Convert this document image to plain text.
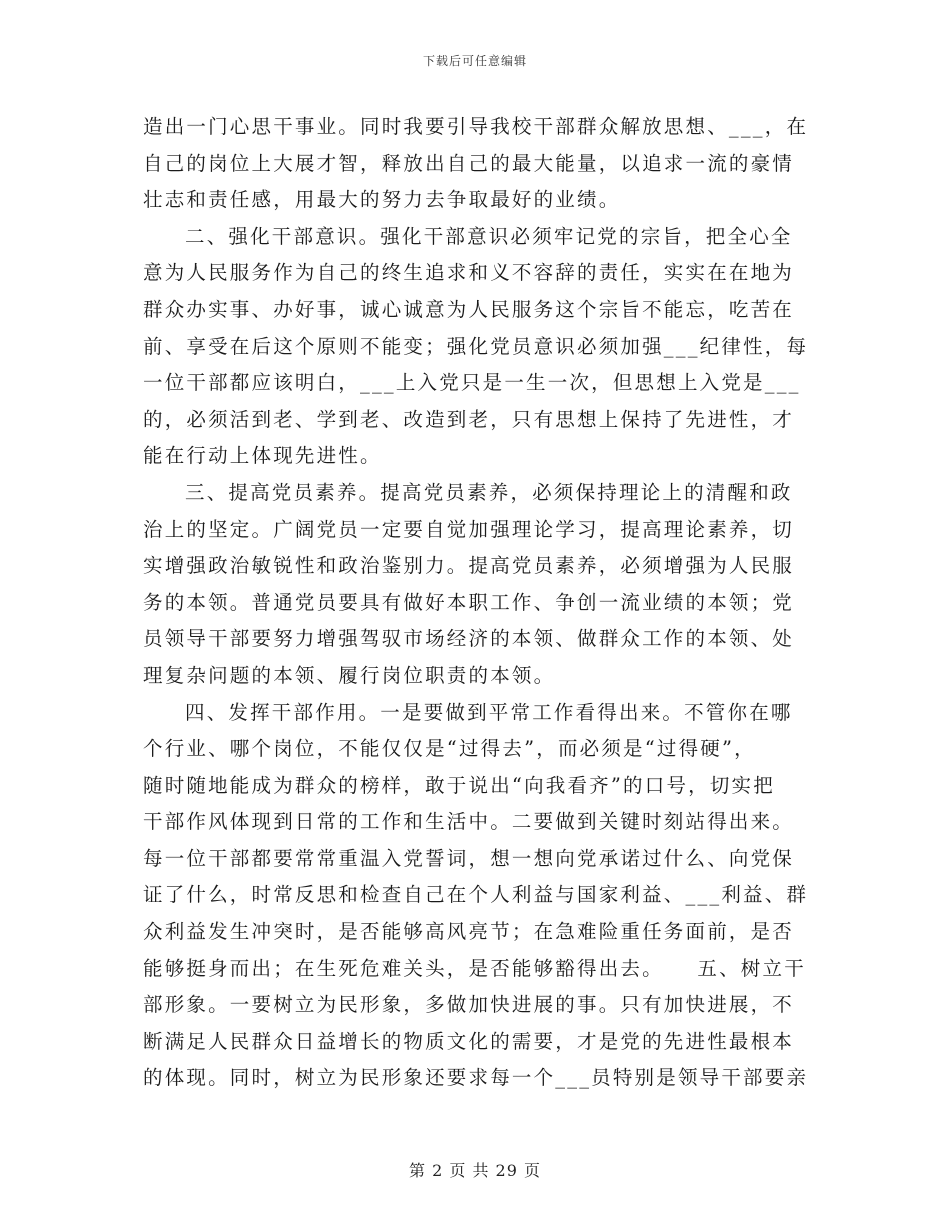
下载后可任意编辑
造出一门心思干事业。同时我要引导我校干部群众解放思想、___，在
自己的岗位上大展才智，释放出自己的最大能量，以追求一流的豪情
壮志和责任感，用最大的努力去争取最好的业绩。
二、强化干部意识。强化干部意识必须牢记党的宗旨，把全心全
意为人民服务作为自己的终生追求和义不容辞的责任，实实在在地为
群众办实事、办好事，诚心诚意为人民服务这个宗旨不能忘，吃苦在
前、享受在后这个原则不能变；强化党员意识必须加强___纪律性，每
一位干部都应该明白，___上入党只是一生一次，但思想上入党是___
的，必须活到老、学到老、改造到老，只有思想上保持了先进性，才
能在行动上体现先进性。
三、提高党员素养。提高党员素养，必须保持理论上的清醒和政
治上的坚定。广阔党员一定要自觉加强理论学习，提高理论素养，切
实增强政治敏锐性和政治鉴别力。提高党员素养，必须增强为人民服
务的本领。普通党员要具有做好本职工作、争创一流业绩的本领；党
员领导干部要努力增强驾驭市场经济的本领、做群众工作的本领、处
理复杂问题的本领、履行岗位职责的本领。
四、发挥干部作用。一是要做到平常工作看得出来。不管你在哪
个行业、哪个岗位，不能仅仅是“过得去”，而必须是“过得硬”，
随时随地能成为群众的榜样，敢于说出“向我看齐”的口号，切实把
干部作风体现到日常的工作和生活中。二要做到关键时刻站得出来。
每一位干部都要常常重温入党誓词，想一想向党承诺过什么、向党保
证了什么，时常反思和检查自己在个人利益与国家利益、___利益、群
众利益发生冲突时，是否能够高风亮节；在急难险重任务面前，是否
能够挺身而出；在生死危难关头，是否能够豁得出去。    五、树立干
部形象。一要树立为民形象，多做加快进展的事。只有加快进展，不
断满足人民群众日益增长的物质文化的需要，才是党的先进性最根本
的体现。同时，树立为民形象还要求每一个___员特别是领导干部要亲
第 2 页 共 29 页
